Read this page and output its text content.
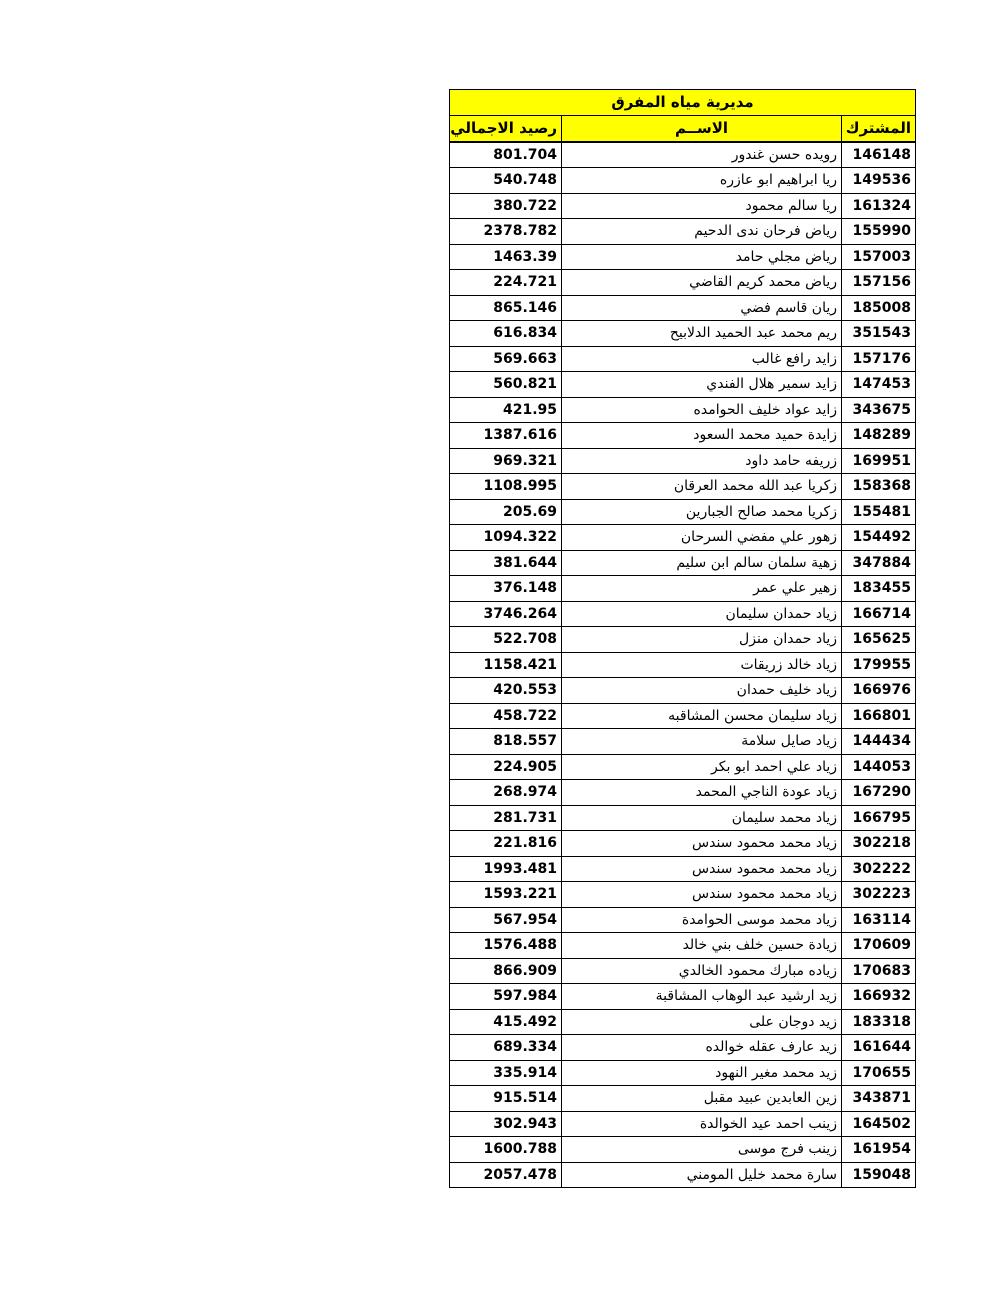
مديرية مياه المفرق
رصيد الاجمالي	الاســم	المشترك
801.704	رويده حسن غندور	146148
540.748	ريا ابراهيم ابو عازره	149536
380.722	ريا سالم محمود	161324
2378.782	رياض فرحان ندى الدحيم	155990
1463.39	رياض مجلي حامد	157003
224.721	رياض محمد كريم القاضي	157156
865.146	ريان قاسم فضي	185008
616.834	ريم محمد عبد الحميد الدلابيح	351543
569.663	زايد رافع غالب	157176
560.821	زايد سمير هلال الفندي	147453
421.95	زايد عواد خليف الحوامده	343675
1387.616	زايدة حميد محمد السعود	148289
969.321	زريفه حامد داود	169951
1108.995	زكريا عبد الله محمد العرقان	158368
205.69	زكريا محمد صالح الجبارين	155481
1094.322	زهور علي مفضي السرحان	154492
381.644	زهية سلمان سالم ابن سليم	347884
376.148	زهير علي عمر	183455
3746.264	زياد حمدان سليمان	166714
522.708	زياد حمدان منزل	165625
1158.421	زياد خالد زريقات	179955
420.553	زياد خليف حمدان	166976
458.722	زياد سليمان محسن المشاقبه	166801
818.557	زياد صايل سلامة	144434
224.905	زياد علي احمد ابو بكر	144053
268.974	زياد عودة الناجي المحمد	167290
281.731	زياد محمد سليمان	166795
221.816	زياد محمد محمود سندس	302218
1993.481	زياد محمد محمود سندس	302222
1593.221	زياد محمد محمود سندس	302223
567.954	زياد محمد موسى الحوامدة	163114
1576.488	زيادة حسين خلف بني خالد	170609
866.909	زياده مبارك محمود الخالدي	170683
597.984	زيد ارشيد عبد الوهاب المشاقبة	166932
415.492	زيد دوجان على	183318
689.334	زيد عارف عقله خوالده	161644
335.914	زيد محمد مغير النهود	170655
915.514	زين العابدين عبيد مقبل	343871
302.943	زينب احمد عيد الخوالدة	164502
1600.788	زينب فرج موسى	161954
2057.478	سارة محمد خليل المومني	159048
